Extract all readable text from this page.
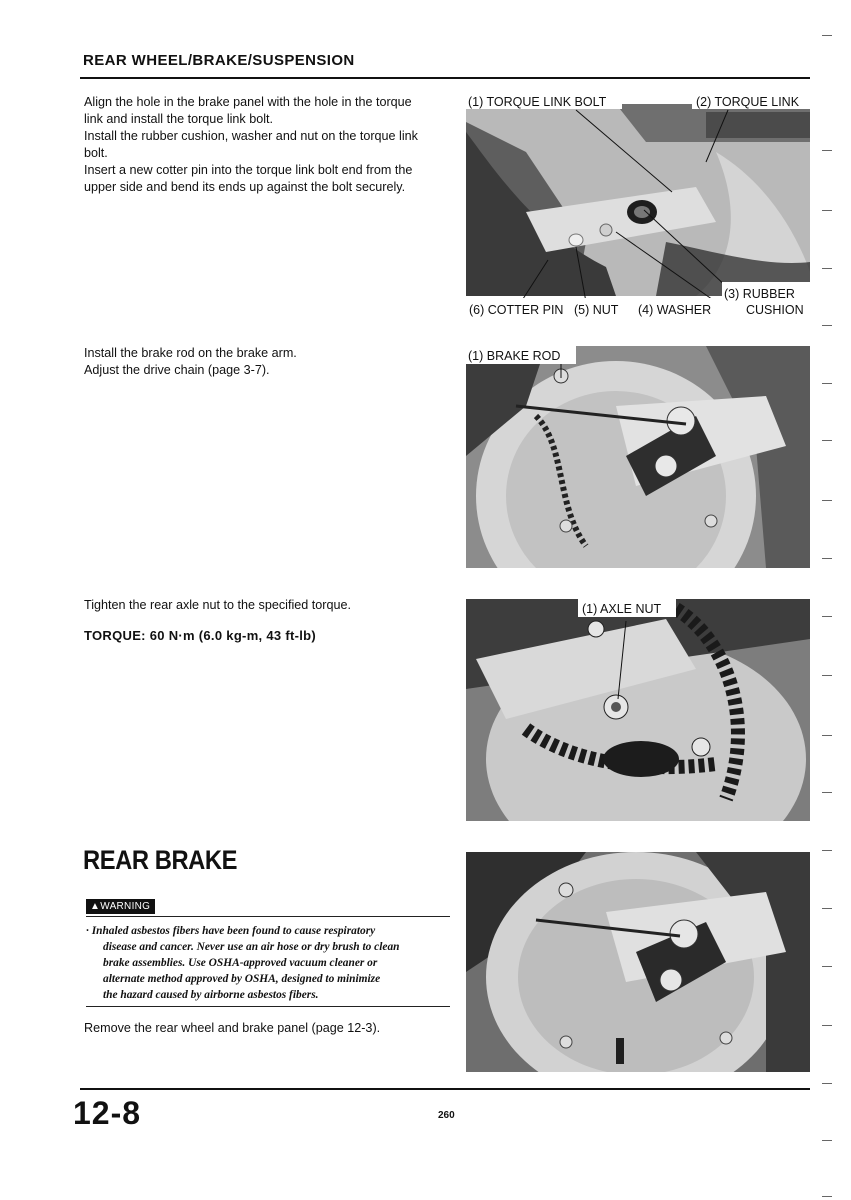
REAR WHEEL/BRAKE/SUSPENSION
Align the hole in the brake panel with the hole in the torque
link and install the torque link bolt.
Install the rubber cushion, washer and nut on the torque link
bolt.
Insert a new cotter pin into the torque link bolt end from the
upper side and bend its ends up against the bolt securely.
(1) TORQUE LINK BOLT	(2) TORQUE LINK
(3) RUBBER
CUSHION
(6) COTTER PIN (5) NUT (4) WASHER
Install the brake rod on the brake arm.
Adjust the drive chain (page 3-7).
(1) BRAKE ROD
Tighten the rear axle nut to the specified torque.
TORQUE: 60 N·m (6.0 kg-m, 43 ft-lb)
(1) AXLE NUT
REAR BRAKE
▲WARNING
· Inhaled asbestos fibers have been found to cause respiratory
disease and cancer. Never use an air hose or dry brush to clean
brake assemblies. Use OSHA-approved vacuum cleaner or
alternate method approved by OSHA, designed to minimize
the hazard caused by airborne asbestos fibers.
Remove the rear wheel and brake panel (page 12-3).
12-8	260
